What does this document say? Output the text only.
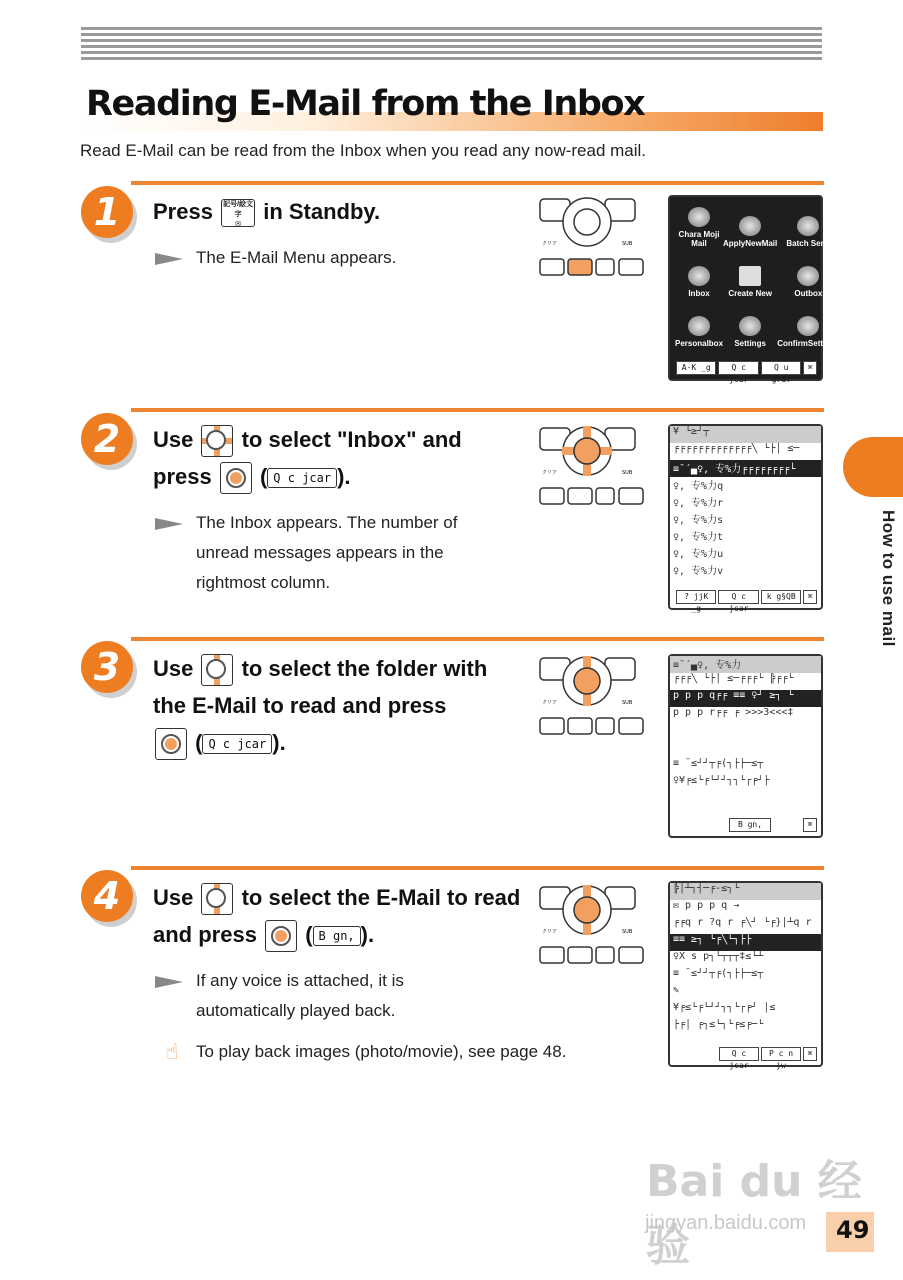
Reading E-Mail from the Inbox
Read E-Mail can be read from the Inbox when you read any now-read mail.
How to use mail
1	Press 記号/絵文字
✉ in Standby.
The E-Mail Menu appears.
クリア	SUB
Chara Moji Mail	ApplyNewMail Batch Send
Inbox Create New	Outbox
Personalbox Settings ConfirmSettings
A·K _g	Q c jcar
Q u graf
⌘
2	Use to select "Inbox" and
press ( Q c jcar ).
The Inbox appears. The number of unread messages appears in the rightmost column.
クリア	SUB
¥ └≥┘┬
╒╒╒╒╒╒╒╒╒╒╒╒╒╲ └├│ ≤─
≡¯´▄♀, 专%力╒╒╒╒╒╒╒╒└
♀, 专%力q
♀, 专%力r
♀, 专%力s
♀, 专%力t
♀, 专%力u
♀, 专%力v
? jjK _g
Q c jcar
k g§QB	⌘
3	Use to select the folder with the E-Mail to read and press

( Q c jcar ).
クリア	SUB
≡¯´▄♀, 专%力
╒╒╒╲ └├│ ≤─╒╒╒└ ╠╒╒└
p p p q╒╒ ≡≡ ♀┘ ≥┐ └
p p p r╒╒ ╒ >>>3<<<‡
≡ ¯≤┘┘┬╒(┐├├─≤┬
♀¥╒≤└╒└┘┘┐┐└┌╒┘├
B gn,	⌘
4	Use to select the E-Mail to read and press ( B gn, ).
If any voice is attached, it is automatically played back.
☝	To play back images (photo/movie), see page 48.
クリア	SUB
╠│┴┐┤─╒-≤┐└
✉ p p p q →
╒╒q r ?q r ╒╲┘ └╒}│┴q r
≡≡ ≥┐ └╒╲└┐├├
♀X s p┐└┬┬┬‡≤└┴
≡ ¯≤┘┘┬╒(┐├├─≤┬
✎
¥╒≤└╒└┘┘┐┐└┌╒┘ │≤
├╒│ ╒┐≤└┐└╒≤╒─└
Q c jcar
P c n jw
⌘
Bai du 经验
jingyan.baidu.com 49
